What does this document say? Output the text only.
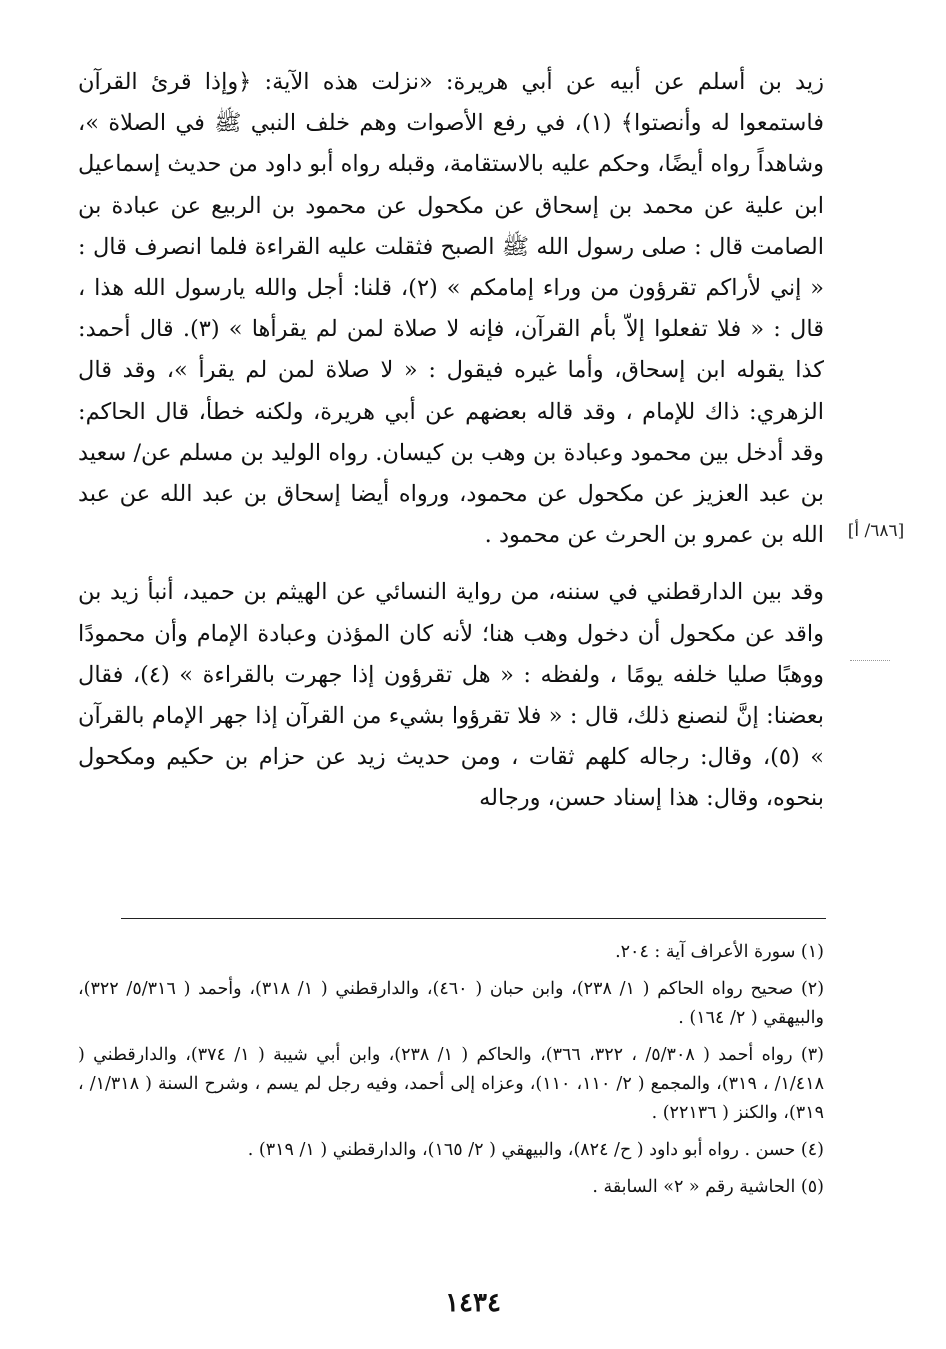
زيد بن أسلم عن أبيه عن أبي هريرة: «نزلت هذه الآية: ﴿وإذا قرئ القرآن فاستمعوا له وأنصتوا﴾ (١)، في رفع الأصوات وهم خلف النبي ﷺ في الصلاة »، وشاهداً رواه أيضًا، وحكم عليه بالاستقامة، وقبله رواه أبو داود من حديث إسماعيل ابن علية عن محمد بن إسحاق عن مكحول عن محمود بن الربيع عن عبادة بن الصامت قال : صلى رسول الله ﷺ الصبح فثقلت عليه القراءة فلما انصرف قال : « إني لأراكم تقرؤون من وراء إمامكم » (٢)، قلنا: أجل والله يارسول الله هذا ، قال : « فلا تفعلوا إلاّ بأم القرآن، فإنه لا صلاة لمن لم يقرأها » (٣). قال أحمد: كذا يقوله ابن إسحاق، وأما غيره فيقول : « لا صلاة لمن لم يقرأ »، وقد قال الزهري: ذاك للإمام ، وقد قاله بعضهم عن أبي هريرة، ولكنه خطأ، قال الحاكم: وقد أدخل بين محمود وعبادة بن وهب بن كيسان. رواه الوليد بن مسلم عن/ سعيد بن عبد العزيز عن مكحول عن محمود، ورواه أيضا إسحاق بن عبد الله عن عبد الله بن عمرو بن الحرث عن محمود .

وقد بين الدارقطني في سننه، من رواية النسائي عن الهيثم بن حميد، أنبأ زيد بن واقد عن مكحول أن دخول وهب هنا؛ لأنه كان المؤذن وعبادة الإمام وأن محمودًا ووهبًا صليا خلفه يومًا ، ولفظه : « هل تقرؤون إذا جهرت بالقراءة » (٤)، فقال بعضنا: إنَّ لنصنع ذلك، قال : « فلا تقرؤوا بشيء من القرآن إذا جهر الإمام بالقرآن » (٥)، وقال: رجاله كلهم ثقات ، ومن حديث زيد عن حزام بن حكيم ومكحول بنحوه، وقال: هذا إسناد حسن، ورجاله

[٦٨٦/ أ]

(١) سورة الأعراف آية : ٢٠٤.

(٢) صحيح رواه الحاكم ( ١/ ٢٣٨)، وابن حبان ( ٤٦٠)، والدارقطني ( ١/ ٣١٨)، وأحمد ( ٥/٣١٦/ ٣٢٢)، والبيهقي ( ٢/ ١٦٤) .

(٣) رواه أحمد ( ٥/٣٠٨/ ، ٣٢٢، ٣٦٦)، والحاكم ( ١/ ٢٣٨)، وابن أبي شيبة ( ١/ ٣٧٤)، والدارقطني ( ١/٤١٨/ ، ٣١٩)، والمجمع ( ٢/ ١١٠، ١١٠)، وعزاه إلى أحمد، وفيه رجل لم يسم ، وشرح السنة ( ١/٣١٨/ ، ٣١٩)، والكنز ( ٢٢١٣٦) .

(٤) حسن . رواه أبو داود ( ح/ ٨٢٤)، والبيهقي ( ٢/ ١٦٥)، والدارقطني ( ١/ ٣١٩) .

(٥) الحاشية رقم « ٢» السابقة .

١٤٣٤
